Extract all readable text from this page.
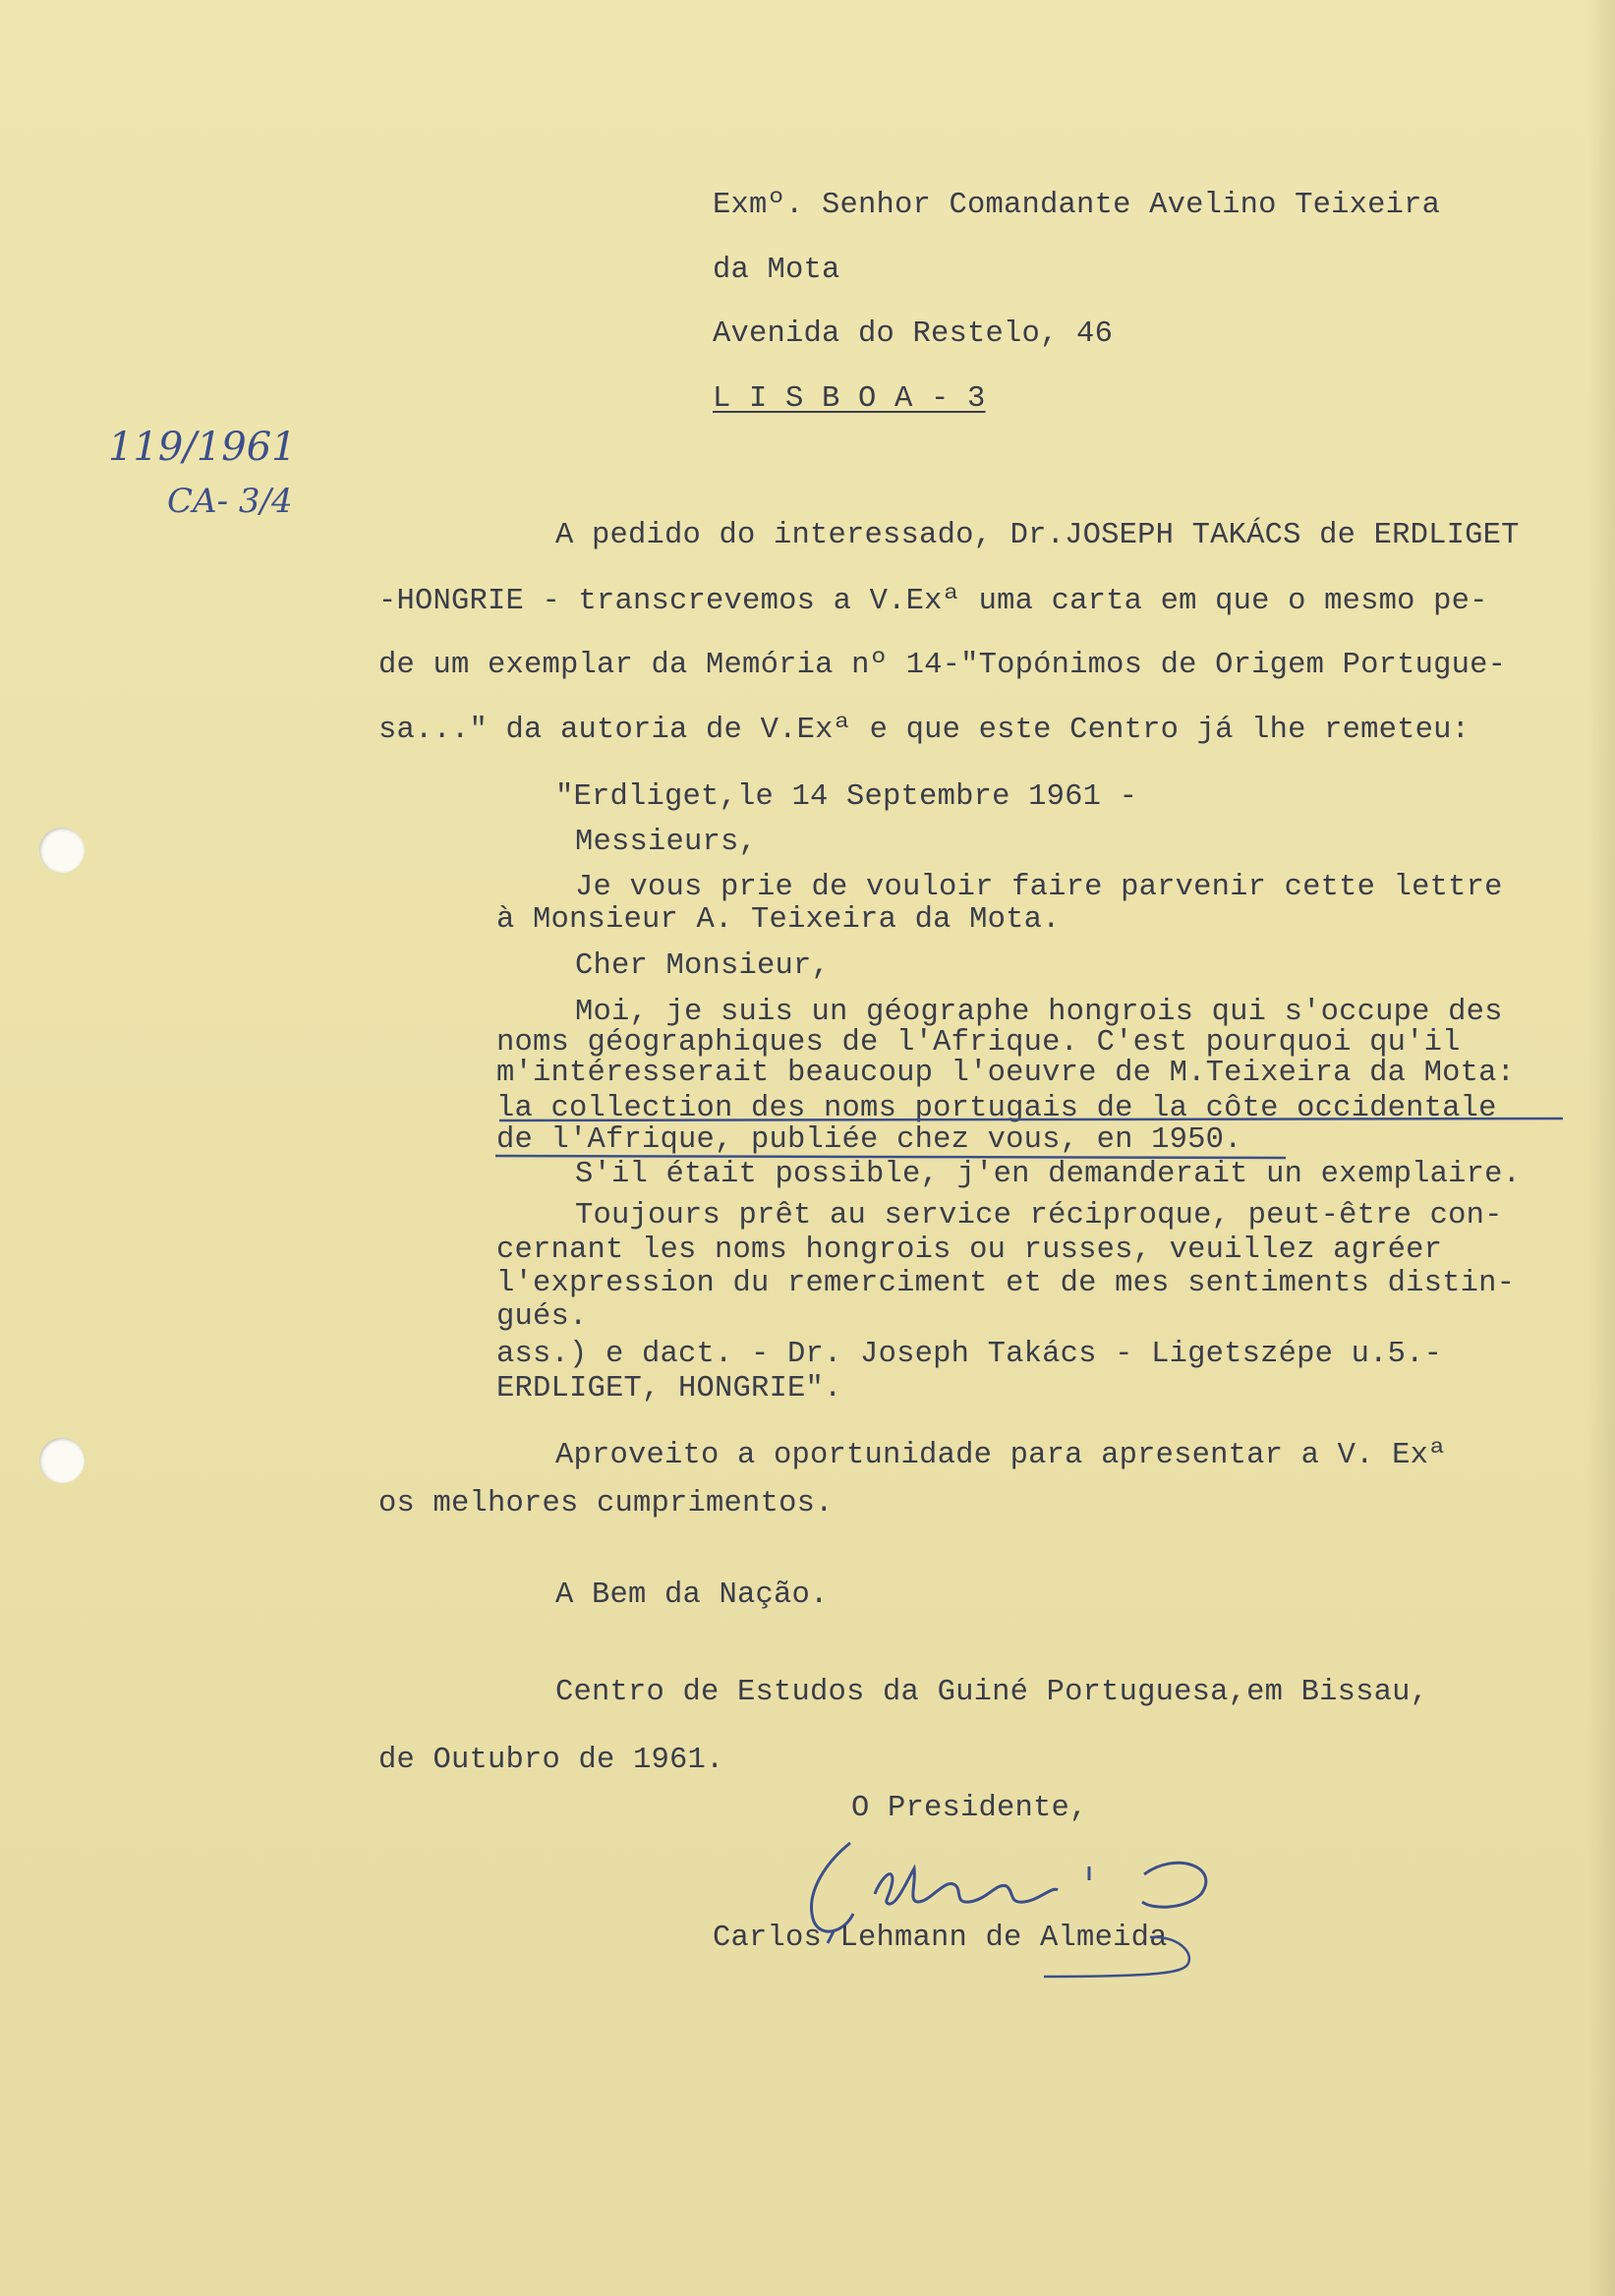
Exmº. Senhor Comandante Avelino Teixeira
da Mota
Avenida do Restelo, 46
L I S B O A - 3
119/1961
CA- 3/4
A pedido do interessado, Dr.JOSEPH TAKÁCS de ERDLIGET
-HONGRIE - transcrevemos a V.Exª uma carta em que o mesmo pe-
de um exemplar da Memória nº 14-"Topónimos de Origem Portugue-
sa..." da autoria de V.Exª e que este Centro já lhe remeteu:
"Erdliget,le 14 Septembre 1961 -
Messieurs,
Je vous prie de vouloir faire parvenir cette lettre
à Monsieur A. Teixeira da Mota.
Cher Monsieur,
Moi, je suis un géographe hongrois qui s'occupe des
noms géographiques de l'Afrique. C'est pourquoi qu'il
m'intéresserait beaucoup l'oeuvre de M.Teixeira da Mota:
la collection des noms portugais de la côte occidentale
de l'Afrique, publiée chez vous, en 1950.
S'il était possible, j'en demanderait un exemplaire.
Toujours prêt au service réciproque, peut-être con-
cernant les noms hongrois ou russes, veuillez agréer
l'expression du remerciment et de mes sentiments distin-
gués.
ass.) e dact. - Dr. Joseph Takács - Ligetszépe u.5.-
ERDLIGET, HONGRIE".
Aproveito a oportunidade para apresentar a V. Exª
os melhores cumprimentos.
A Bem da Nação.
Centro de Estudos da Guiné Portuguesa,em Bissau,
de Outubro de 1961.
O Presidente,
Carlos Lehmann de Almeida
